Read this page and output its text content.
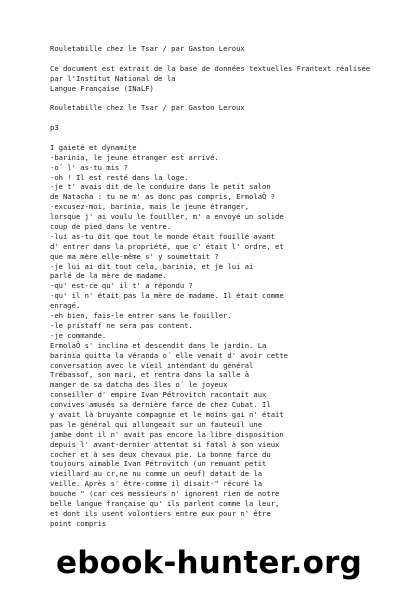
Rouletabille chez le Tsar / par Gaston Leroux
Ce document est extrait de la base de données textuelles Frantext réalisée
par l'Institut National de la
Langue Française (INaLF)
Rouletabille chez le Tsar / par Gaston Leroux
p3
I gaieté et dynamite
-barinia, le jeune étranger est arrivé.
-o´ l' as-tu mis ?
-oh ! Il est resté dans la loge.
-je t' avais dit de le conduire dans le petit salon
de Natacha : tu ne m' as donc pas compris, ErmolaÔ ?
-excusez-moi, barinia, mais le jeune étranger,
lorsque j' ai voulu le fouiller, m' a envoyé un solide
coup de pied dans le ventre.
-lui as-tu dit que tout le monde était fouillé avant
d' entrer dans la propriété, que c' était l' ordre, et
que ma mère elle-même s' y soumettait ?
-je lui ai dit tout cela, barinia, et je lui ai
parlé de la mère de madame.
-qu' est-ce qu' il t' a répondu ?
-qu' il n' était pas la mère de madame. Il était comme
enragé.
-eh bien, fais-le entrer sans le fouiller.
-le pristaff ne sera pas content.
-je commande.
ErmolaÔ s' inclina et descendit dans le jardin. La
barinia quitta la véranda o´ elle venait d' avoir cette
conversation avec le vieil intendant du général
Trébassof, son mari, et rentra dans la salle à
manger de sa datcha des îles o´ le joyeux
conseiller d' empire Ivan Pétrovitch racontait aux
convives amusés sa dernière farce de chez Cubat. Il
y avait là bruyante compagnie et le moins gai n' était
pas le général qui allongeait sur un fauteuil une
jambe dont il n' avait pas encore la libre disposition
depuis l' avant-dernier attentat si fatal à son vieux
cocher et à ses deux chevaux pie. La bonne farce du
toujours aimable Ivan Pétrovitch (un remuant petit
vieillard au cr,ne nu comme un oeuf) datait de la
veille. Après s' être-comme il disait-" récuré la
bouche " (car ces messieurs n' ignorent rien de notre
belle langue française qu' ils parlent comme la leur,
et dont ils usent volontiers entre eux pour n' être
point compris
ebook-hunter.org
